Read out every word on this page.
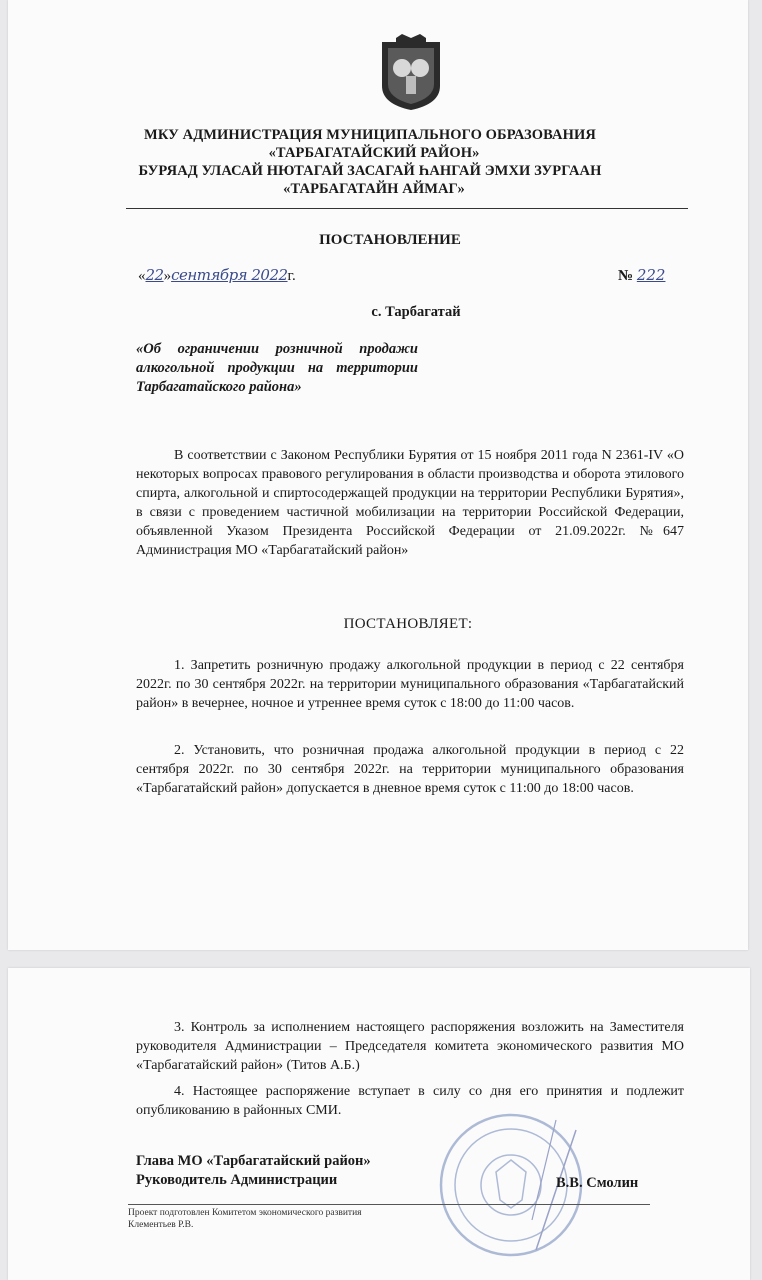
МКУ АДМИНИСТРАЦИЯ МУНИЦИПАЛЬНОГО ОБРАЗОВАНИЯ
«ТАРБАГАТАЙСКИЙ РАЙОН»
БУРЯАД УЛАСАЙ НЮТАГАЙ ЗАСАГАЙ ҺАНГАЙ ЭМХИ ЗУРГААН
«ТАРБАГАТАЙН АЙМАГ»
ПОСТАНОВЛЕНИЕ
«22»сентября 2022г.	№ 222
с. Тарбагатай
«Об ограничении розничной продажи алкогольной продукции на территории Тарбагатайского района»
В соответствии с Законом Республики Бурятия от 15 ноября 2011 года N 2361-IV «О некоторых вопросах правового регулирования в области производства и оборота этилового спирта, алкогольной и спиртосодержащей продукции на территории Республики Бурятия», в связи с проведением частичной мобилизации на территории Российской Федерации, объявленной Указом Президента Российской Федерации от 21.09.2022г. №647 Администрация МО «Тарбагатайский район»
ПОСТАНОВЛЯЕТ:
1. Запретить розничную продажу алкогольной продукции в период с 22 сентября 2022г. по 30 сентября 2022г. на территории муниципального образования «Тарбагатайский район» в вечернее, ночное и утреннее время суток с 18:00 до 11:00 часов.
2. Установить, что розничная продажа алкогольной продукции в период с 22 сентября 2022г. по 30 сентября 2022г. на территории муниципального образования «Тарбагатайский район» допускается в дневное время суток с 11:00 до 18:00 часов.
3. Контроль за исполнением настоящего распоряжения возложить на Заместителя руководителя Администрации – Председателя комитета экономического развития МО «Тарбагатайский район» (Титов А.Б.)
4. Настоящее распоряжение вступает в силу со дня его принятия и подлежит опубликованию в районных СМИ.
Глава МО «Тарбагатайский район»
Руководитель Администрации	В.В. Смолин
Проект подготовлен Комитетом экономического развития
Клементьев Р.В.
